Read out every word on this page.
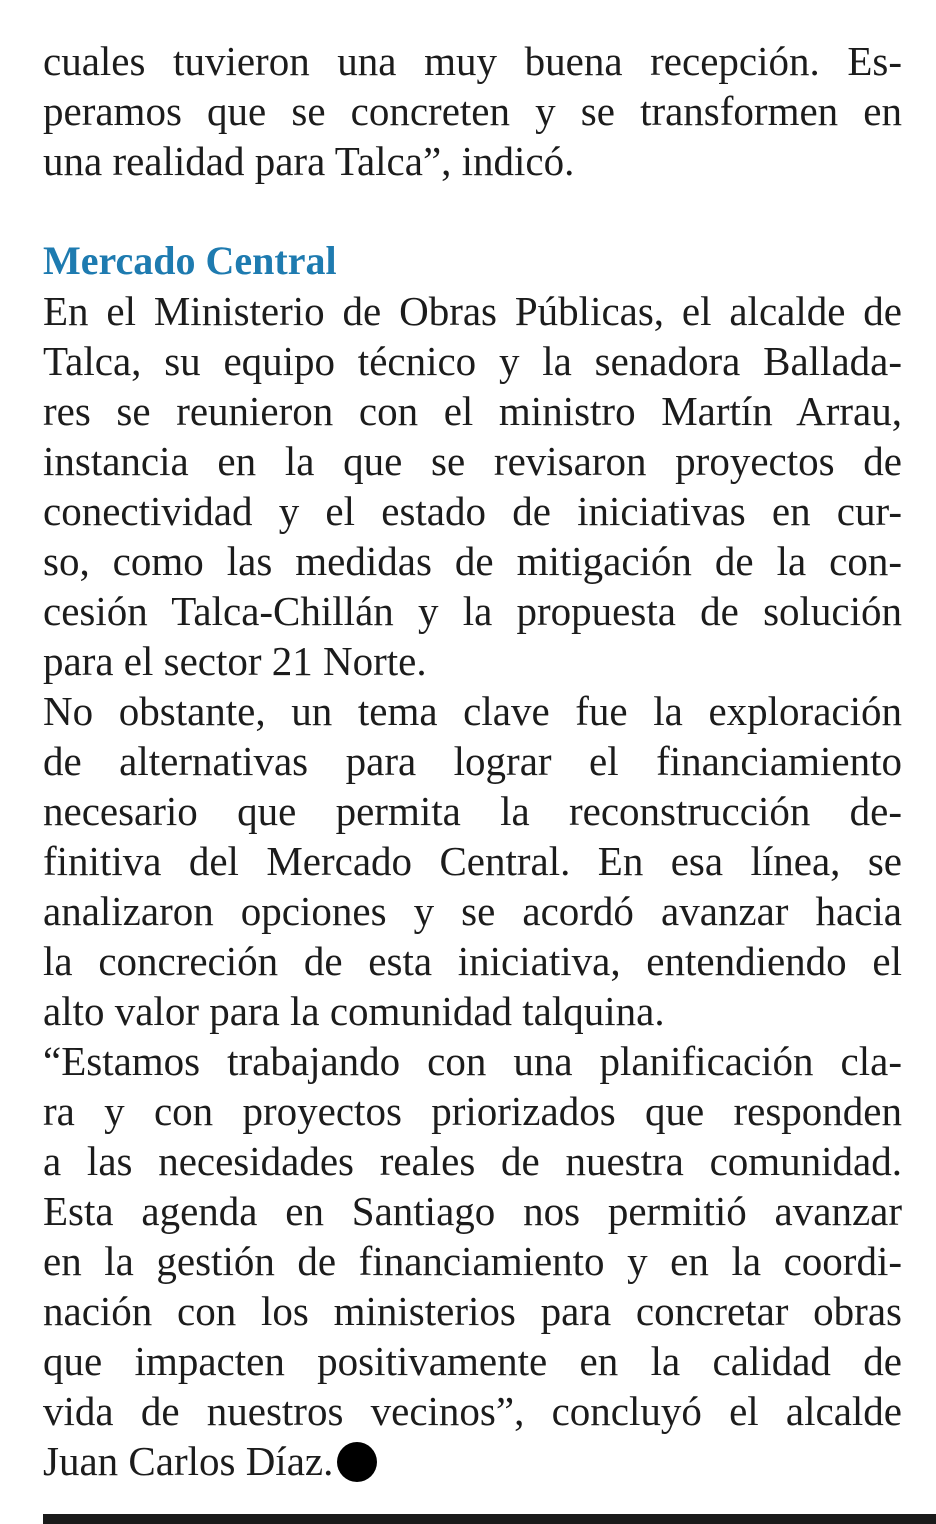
cuales tuvieron una muy buena recepción. Es-
peramos que se concreten y se transformen en
una realidad para Talca”, indicó.
Mercado Central
En el Ministerio de Obras Públicas, el alcalde de
Talca, su equipo técnico y la senadora Ballada-
res se reunieron con el ministro Martín Arrau,
instancia en la que se revisaron proyectos de
conectividad y el estado de iniciativas en cur-
so, como las medidas de mitigación de la con-
cesión Talca-Chillán y la propuesta de solución
para el sector 21 Norte.
No obstante, un tema clave fue la exploración
de alternativas para lograr el financiamiento
necesario que permita la reconstrucción de-
finitiva del Mercado Central. En esa línea, se
analizaron opciones y se acordó avanzar hacia
la concreción de esta iniciativa, entendiendo el
alto valor para la comunidad talquina.
“Estamos trabajando con una planificación cla-
ra y con proyectos priorizados que responden
a las necesidades reales de nuestra comunidad.
Esta agenda en Santiago nos permitió avanzar
en la gestión de financiamiento y en la coordi-
nación con los ministerios para concretar obras
que impacten positivamente en la calidad de
vida de nuestros vecinos”, concluyó el alcalde
Juan Carlos Díaz.
